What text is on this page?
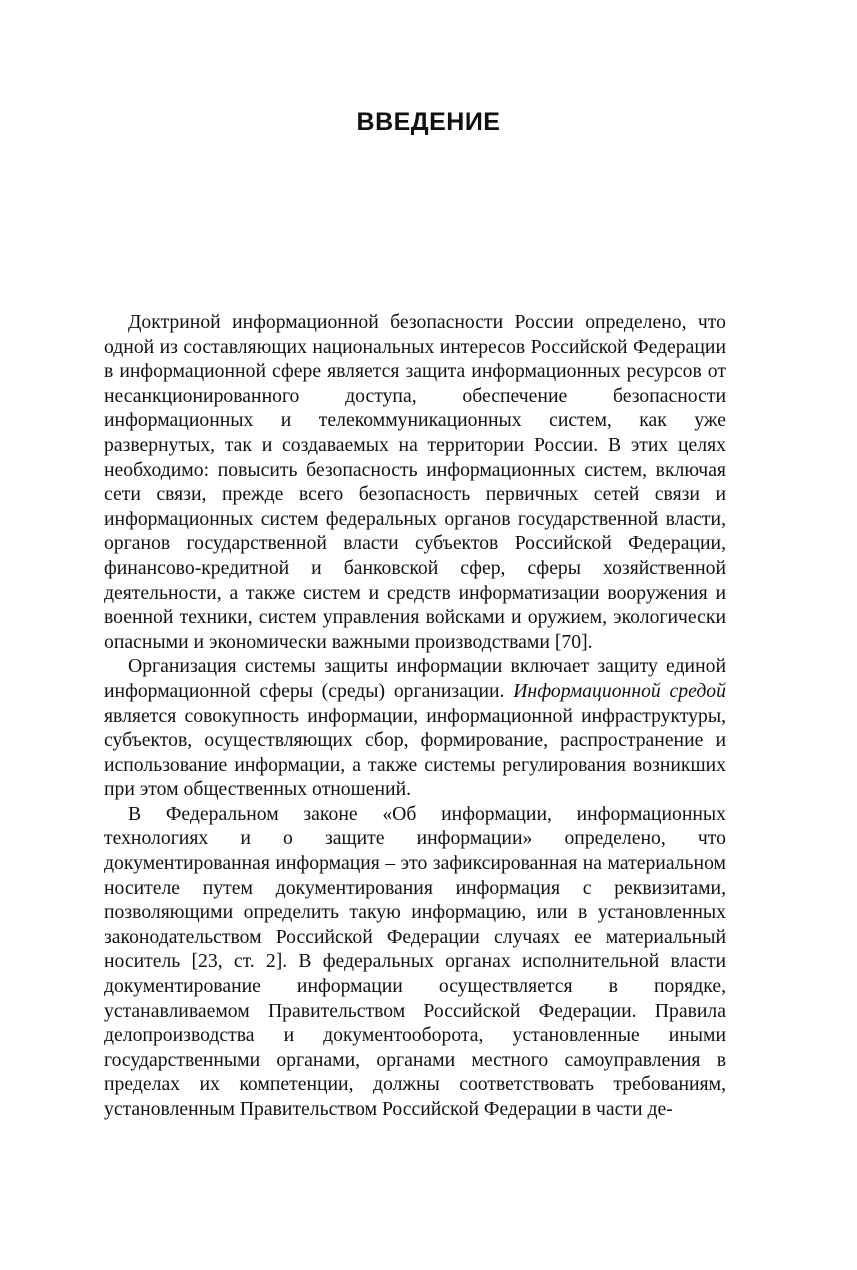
ВВЕДЕНИЕ

Доктриной информационной безопасности России определено, что одной из составляющих национальных интересов Российской Федерации в информационной сфере является защита информационных ресурсов от несанкционированного доступа, обеспечение безопасности информационных и телекоммуникационных систем, как уже развернутых, так и создаваемых на территории России. В этих целях необходимо: повысить безопасность информационных систем, включая сети связи, прежде всего безопасность первичных сетей связи и информационных систем федеральных органов государственной власти, органов государственной власти субъектов Российской Федерации, финансово-кредитной и банковской сфер, сферы хозяйственной деятельности, а также систем и средств информатизации вооружения и военной техники, систем управления войсками и оружием, экологически опасными и экономически важными производствами [70].

Организация системы защиты информации включает защиту единой информационной сферы (среды) организации. Информационной средой является совокупность информации, информационной инфраструктуры, субъектов, осуществляющих сбор, формирование, распространение и использование информации, а также системы регулирования возникших при этом общественных отношений.

В Федеральном законе «Об информации, информационных технологиях и о защите информации» определено, что документированная информация – это зафиксированная на материальном носителе путем документирования информация с реквизитами, позволяющими определить такую информацию, или в установленных законодательством Российской Федерации случаях ее материальный носитель [23, ст. 2]. В федеральных органах исполнительной власти документирование информации осуществляется в порядке, устанавливаемом Правительством Российской Федерации. Правила делопроизводства и документооборота, установленные иными государственными органами, органами местного самоуправления в пределах их компетенции, должны соответствовать требованиям, установленным Правительством Российской Федерации в части де-
